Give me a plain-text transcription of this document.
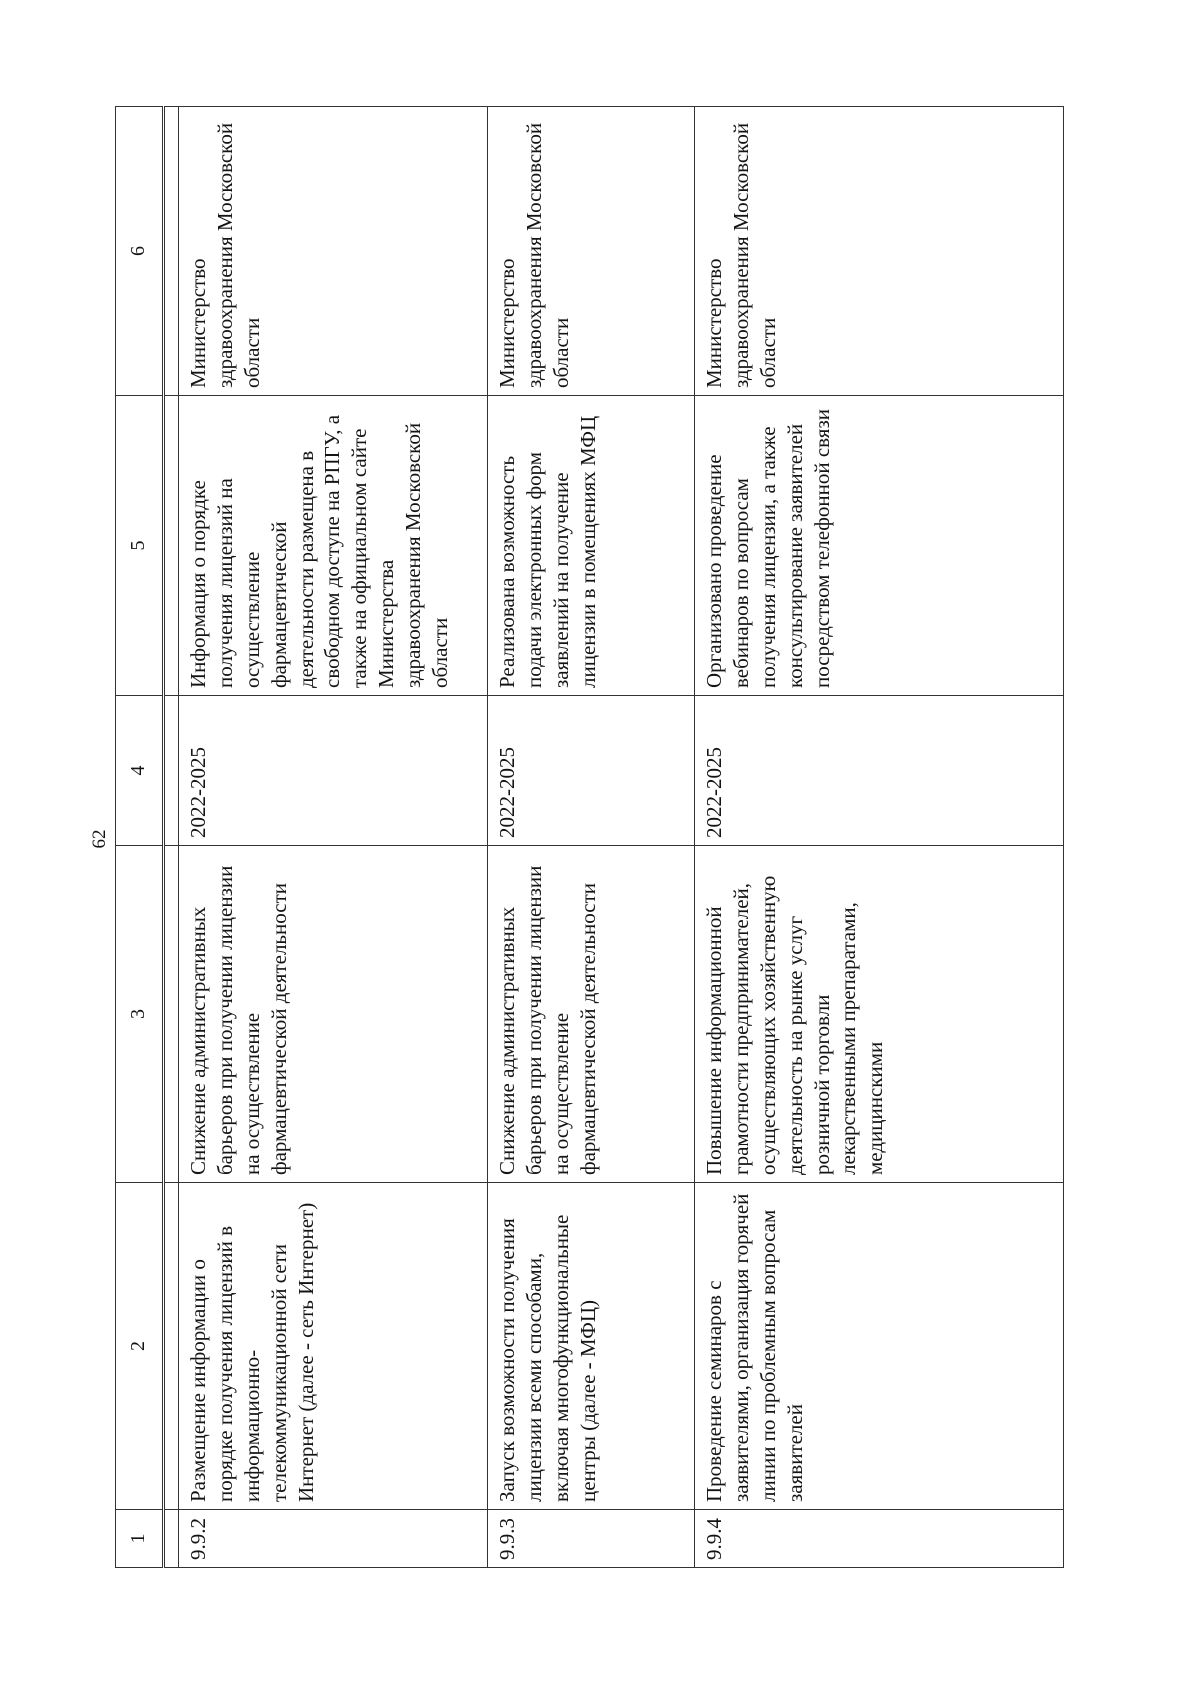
62
1	2	3	4	5	6

9.9.2	Размещение информации о порядке получения лицензий в информационно-телекоммуникационной сети Интернет (далее - сеть Интернет)	Снижение административных барьеров при получении лицензии на осуществление фармацевтической деятельности	2022-2025	Информация о порядке получения лицензий на осуществление фармацевтической деятельности размещена в свободном доступе на РПГУ, а также на официальном сайте Министерства здравоохранения Московской области	Министерство здравоохранения Московской области
9.9.3	Запуск возможности получения лицензии всеми способами, включая многофункциональные центры (далее - МФЦ)	Снижение административных барьеров при получении лицензии на осуществление фармацевтической деятельности	2022-2025	Реализована возможность подачи электронных форм заявлений на получение лицензии в помещениях МФЦ	Министерство здравоохранения Московской области
9.9.4	Проведение семинаров с заявителями, организация горячей линии по проблемным вопросам заявителей	Повышение информационной грамотности предпринимателей, осуществляющих хозяйственную деятельность на рынке услуг розничной торговли лекарственными препаратами, медицинскими	2022-2025	Организовано проведение вебинаров по вопросам получения лицензии, а также консультирование заявителей посредством телефонной связи	Министерство здравоохранения Московской области
